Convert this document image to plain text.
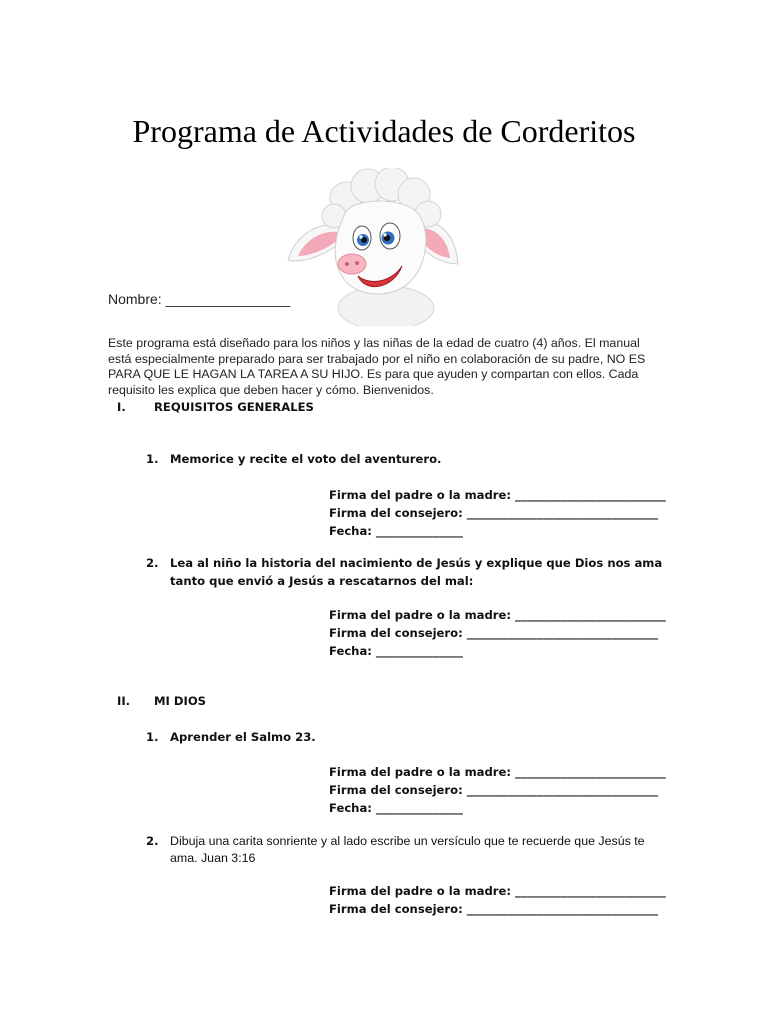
Programa de Actividades de Corderitos
Nombre: ________________

Este programa está diseñado para los niños y las niñas de la edad de cuatro (4) años. El manual está especialmente preparado para ser trabajado por el niño en colaboración de su padre, NO ES PARA QUE LE HAGAN LA TAREA A SU HIJO. Es para que ayuden y compartan con ellos. Cada requisito les explica que deben hacer y cómo. Bienvenidos.

I. REQUISITOS GENERALES
1. Memorice y recite el voto del aventurero.
Firma del padre o la madre: __________________________
Firma del consejero: _________________________________
Fecha: _______________
2. Lea al niño la historia del nacimiento de Jesús y explique que Dios nos ama tanto que envió a Jesús a rescatarnos del mal:
Firma del padre o la madre: __________________________
Firma del consejero: _________________________________
Fecha: _______________
II. MI DIOS
1. Aprender el Salmo 23.
Firma del padre o la madre: __________________________
Firma del consejero: _________________________________
Fecha: _______________
2. Dibuja una carita sonriente y al lado escribe un versículo que te recuerde que Jesús te ama. Juan 3:16
Firma del padre o la madre: __________________________
Firma del consejero: _________________________________
